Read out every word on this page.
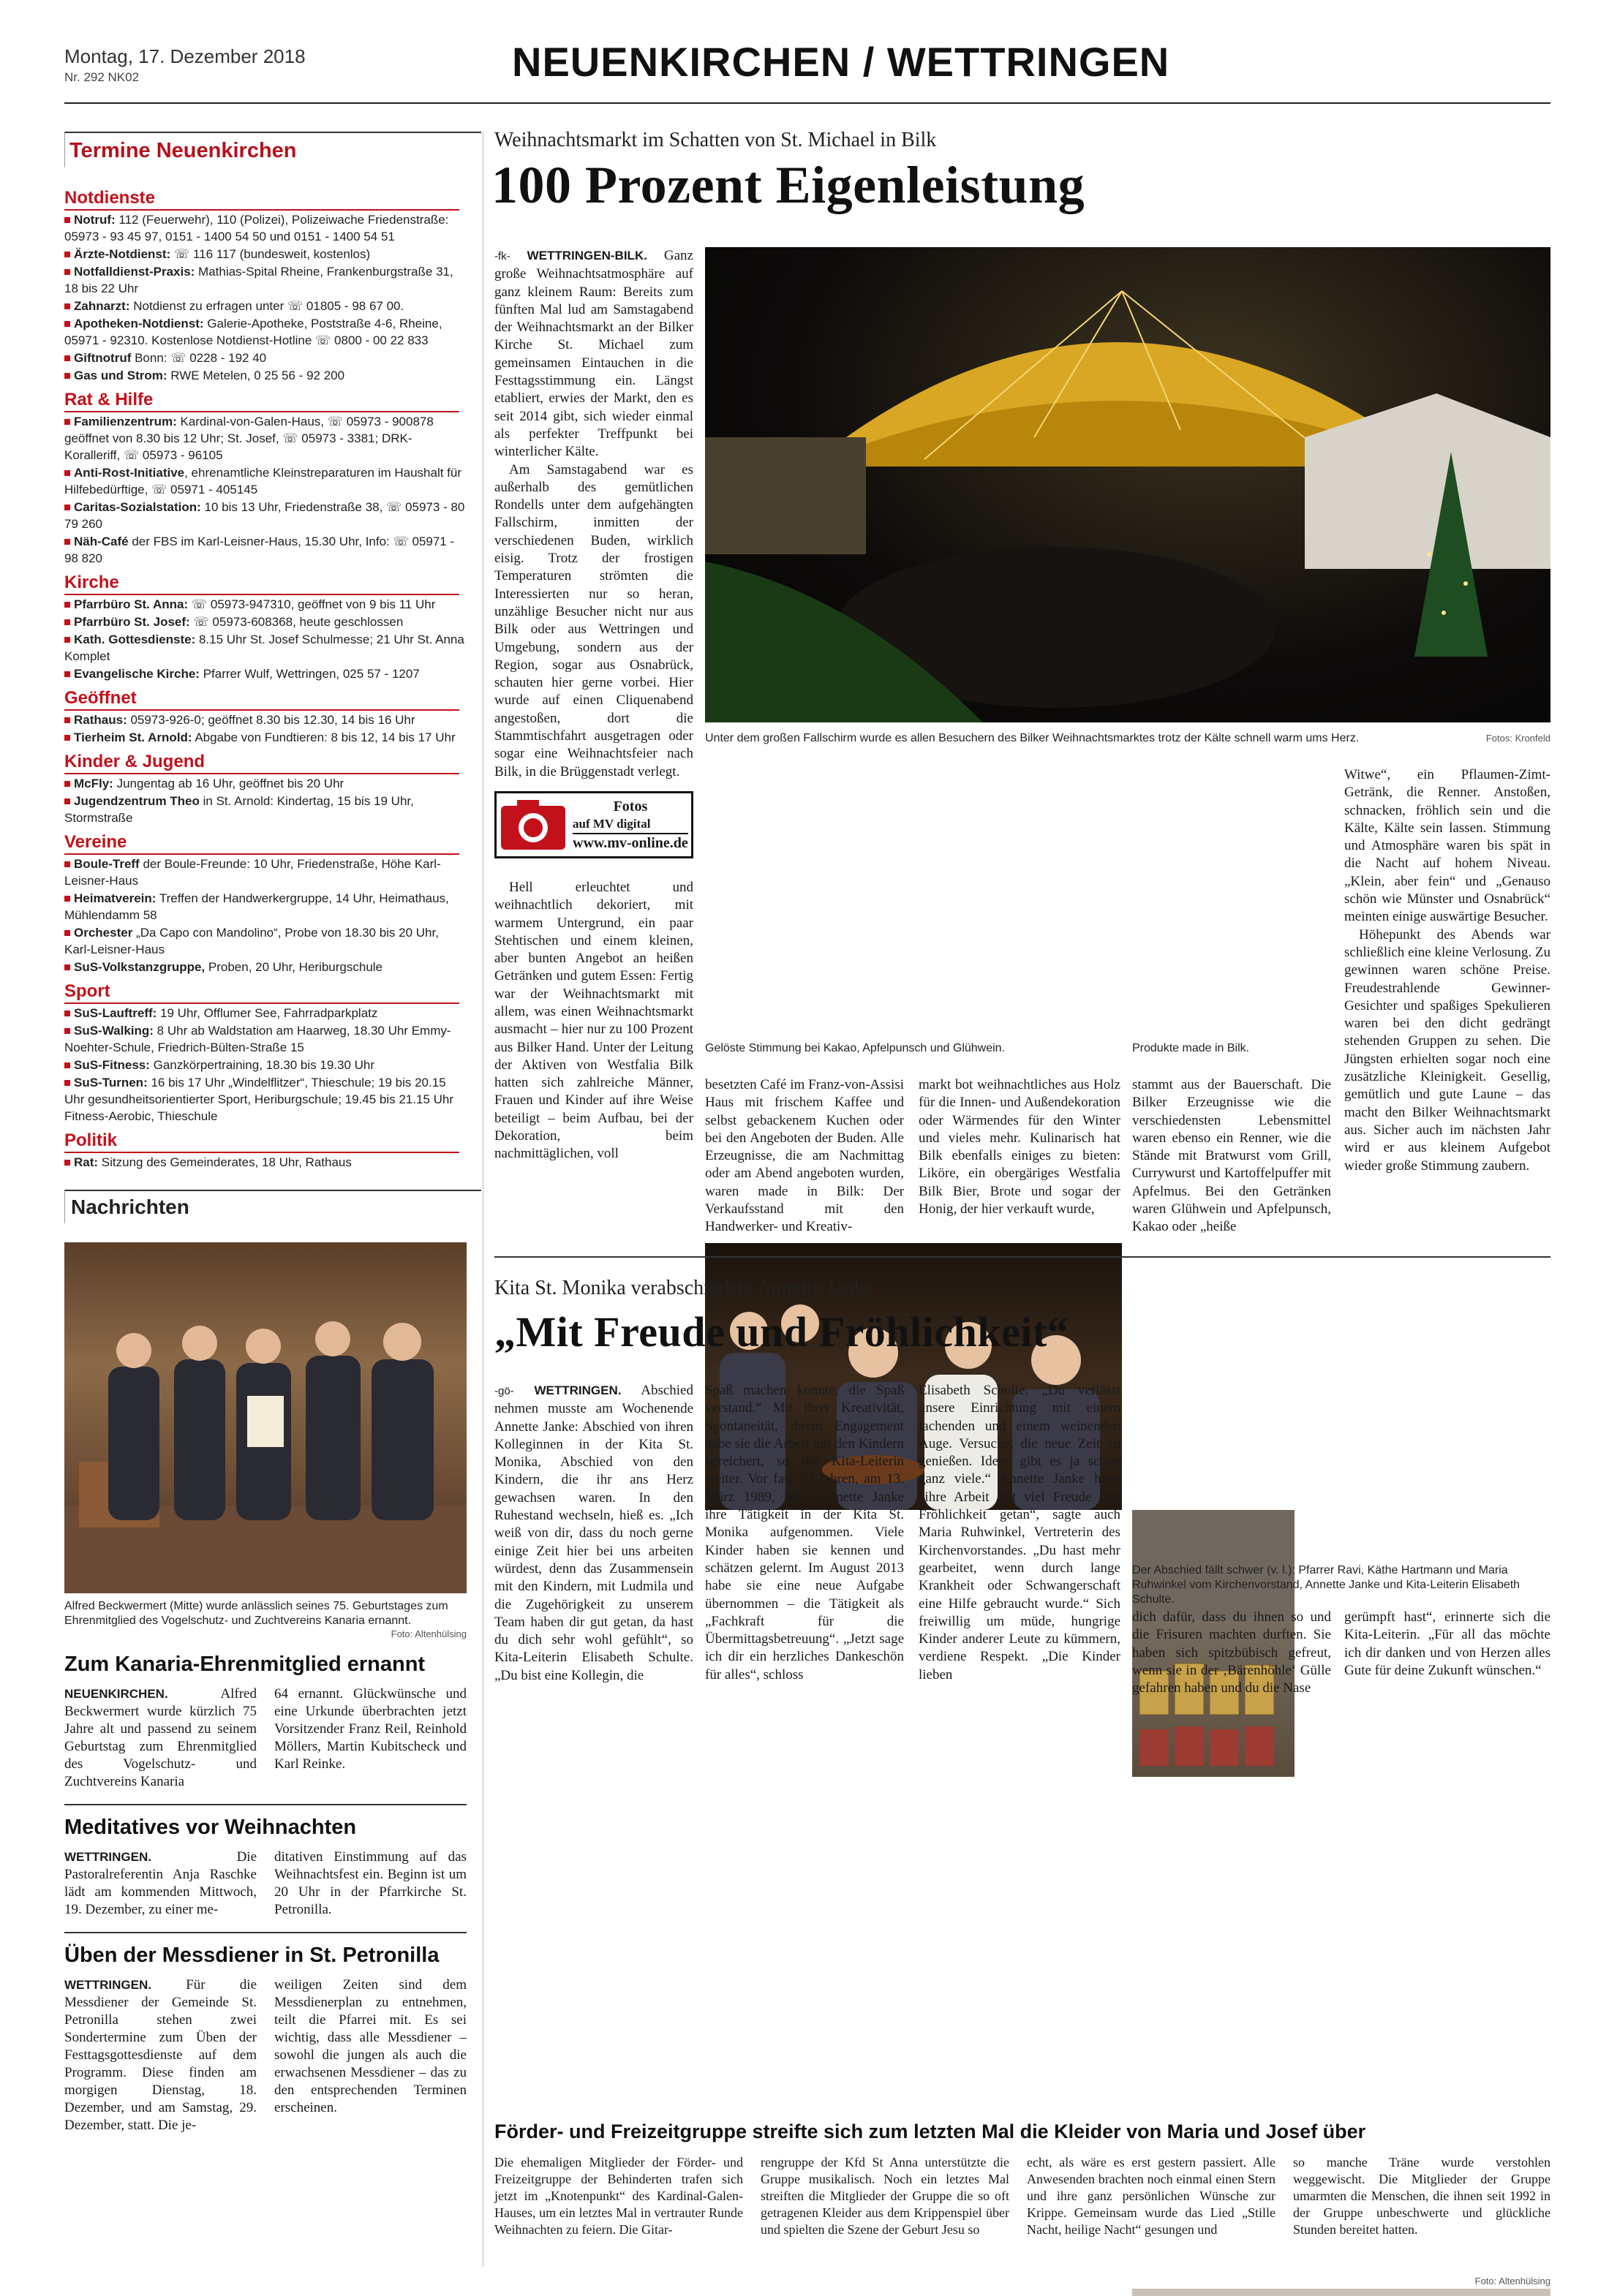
Montag, 17. Dezember 2018
Nr. 292 NK02	NEUENKIRCHEN / WETTRINGEN
Termine Neuenkirchen
Notdienste
Notruf: 112 (Feuerwehr), 110 (Polizei), Polizeiwache Friedenstraße: 05973 - 93 45 97, 0151 - 1400 54 50 und 0151 - 1400 54 51
Ärzte-Notdienst: ☏ 116 117 (bundesweit, kostenlos)
Notfalldienst-Praxis: Mathias-Spital Rheine, Frankenburgstraße 31, 18 bis 22 Uhr
Zahnarzt: Notdienst zu erfragen unter ☏ 01805 - 98 67 00.
Apotheken-Notdienst: Galerie-Apotheke, Poststraße 4-6, Rheine, 05971 - 92310. Kostenlose Notdienst-Hotline ☏ 0800 - 00 22 833
Giftnotruf Bonn: ☏ 0228 - 192 40
Gas und Strom: RWE Metelen, 0 25 56 - 92 200
Rat & Hilfe
Familienzentrum: Kardinal-von-Galen-Haus, ☏ 05973 - 900878 geöffnet von 8.30 bis 12 Uhr; St. Josef, ☏ 05973 - 3381; DRK-Koralleriff, ☏ 05973 - 96105
Anti-Rost-Initiative, ehrenamtliche Kleinstreparaturen im Haushalt für Hilfebedürftige, ☏ 05971 - 405145
Caritas-Sozialstation: 10 bis 13 Uhr, Friedenstraße 38, ☏ 05973 - 80 79 260
Näh-Café der FBS im Karl-Leisner-Haus, 15.30 Uhr, Info: ☏ 05971 - 98 820
Kirche
Pfarrbüro St. Anna: ☏ 05973-947310, geöffnet von 9 bis 11 Uhr
Pfarrbüro St. Josef: ☏ 05973-608368, heute geschlossen
Kath. Gottesdienste: 8.15 Uhr St. Josef Schulmesse; 21 Uhr St. Anna Komplet
Evangelische Kirche: Pfarrer Wulf, Wettringen, 025 57 - 1207
Geöffnet
Rathaus: 05973-926-0; geöffnet 8.30 bis 12.30, 14 bis 16 Uhr
Tierheim St. Arnold: Abgabe von Fundtieren: 8 bis 12, 14 bis 17 Uhr
Kinder & Jugend
McFly: Jungentag ab 16 Uhr, geöffnet bis 20 Uhr
Jugendzentrum Theo in St. Arnold: Kindertag, 15 bis 19 Uhr, Stormstraße
Vereine
Boule-Treff der Boule-Freunde: 10 Uhr, Friedenstraße, Höhe Karl-Leisner-Haus
Heimatverein: Treffen der Handwerkergruppe, 14 Uhr, Heimathaus, Mühlendamm 58
Orchester „Da Capo con Mandolino“, Probe von 18.30 bis 20 Uhr, Karl-Leisner-Haus
SuS-Volkstanzgruppe, Proben, 20 Uhr, Heriburgschule
Sport
SuS-Lauftreff: 19 Uhr, Offlumer See, Fahrradparkplatz
SuS-Walking: 8 Uhr ab Waldstation am Haarweg, 18.30 Uhr Emmy-Noehter-Schule, Friedrich-Bülten-Straße 15
SuS-Fitness: Ganzkörpertraining, 18.30 bis 19.30 Uhr
SuS-Turnen: 16 bis 17 Uhr „Windelflitzer“, Thieschule; 19 bis 20.15 Uhr gesundheitsorientierter Sport, Heriburgschule; 19.45 bis 21.15 Uhr Fitness-Aerobic, Thieschule
Politik
Rat: Sitzung des Gemeinderates, 18 Uhr, Rathaus
Nachrichten
Alfred Beckwermert (Mitte) wurde anlässlich seines 75. Geburtstages zum Ehrenmitglied des Vogelschutz- und Zuchtvereins Kanaria ernannt.
Foto: Altenhülsing
Zum Kanaria-Ehrenmitglied ernannt
NEUENKIRCHEN. Alfred Beckwermert wurde kürzlich 75 Jahre alt und passend zu seinem Geburtstag zum Ehrenmitglied des Vogelschutz- und Zuchtvereins Kanaria
64 ernannt. Glückwünsche und eine Urkunde überbrachten jetzt Vorsitzender Franz Reil, Reinhold Möllers, Martin Kubitscheck und Karl Reinke.
Meditatives vor Weihnachten
WETTRINGEN. Die Pastoralreferentin Anja Raschke lädt am kommenden Mittwoch, 19. Dezember, zu einer me-
ditativen Einstimmung auf das Weihnachtsfest ein. Beginn ist um 20 Uhr in der Pfarrkirche St. Petronilla.
Üben der Messdiener in St. Petronilla
WETTRINGEN. Für die Messdiener der Gemeinde St. Petronilla stehen zwei Sondertermine zum Üben der Festtagsgottesdienste auf dem Programm. Diese finden am morgigen Dienstag, 18. Dezember, und am Samstag, 29. Dezember, statt. Die je-
weiligen Zeiten sind dem Messdienerplan zu entnehmen, teilt die Pfarrei mit. Es sei wichtig, dass alle Messdiener – sowohl die jungen als auch die erwachsenen Messdiener – das zu den entsprechenden Terminen erscheinen.
Weihnachtsmarkt im Schatten von St. Michael in Bilk
100 Prozent Eigenleistung
-fk- WETTRINGEN-BILK. Ganz große Weihnachtsatmosphäre auf ganz kleinem Raum: Bereits zum fünften Mal lud am Samstagabend der Weihnachtsmarkt an der Bilker Kirche St. Michael zum gemeinsamen Eintauchen in die Festtagsstimmung ein. Längst etabliert, erwies der Markt, den es seit 2014 gibt, sich wieder einmal als perfekter Treffpunkt bei winterlicher Kälte.
Am Samstagabend war es außerhalb des gemütlichen Rondells unter dem aufgehängten Fallschirm, inmitten der verschiedenen Buden, wirklich eisig. Trotz der frostigen Temperaturen strömten die Interessierten nur so heran, unzählige Besucher nicht nur aus Bilk oder aus Wettringen und Umgebung, sondern aus der Region, sogar aus Osnabrück, schauten hier gerne vorbei. Hier wurde auf einen Cliquenabend angestoßen, dort die Stammtischfahrt ausgetragen oder sogar eine Weihnachtsfeier nach Bilk, in die Brüggenstadt verlegt.
Fotos
auf MV digital
www.mv-online.de
Hell erleuchtet und weihnachtlich dekoriert, mit warmem Untergrund, ein paar Stehtischen und einem kleinen, aber bunten Angebot an heißen Getränken und gutem Essen: Fertig war der Weihnachtsmarkt mit allem, was einen Weihnachtsmarkt ausmacht – hier nur zu 100 Prozent aus Bilker Hand. Unter der Leitung der Aktiven von Westfalia Bilk hatten sich zahlreiche Männer, Frauen und Kinder auf ihre Weise beteiligt – beim Aufbau, bei der Dekoration, beim nachmittäglichen, voll
Unter dem großen Fallschirm wurde es allen Besuchern des Bilker Weihnachtsmarktes trotz der Kälte schnell warm ums Herz.	Fotos: Kronfeld
Gelöste Stimmung bei Kakao, Apfelpunsch und Glühwein.	Produkte made in Bilk.
besetzten Café im Franz-von-Assisi Haus mit frischem Kaffee und selbst gebackenem Kuchen oder bei den Angeboten der Buden. Alle Erzeugnisse, die am Nachmittag oder am Abend angeboten wurden, waren made in Bilk: Der Verkaufsstand mit den Handwerker- und Kreativ-
markt bot weihnachtliches aus Holz für die Innen- und Außendekoration oder Wärmendes für den Winter und vieles mehr. Kulinarisch hat Bilk ebenfalls einiges zu bieten: Liköre, ein obergäriges Westfalia Bilk Bier, Brote und sogar der Honig, der hier verkauft wurde,
stammt aus der Bauerschaft. Die Bilker Erzeugnisse wie die verschiedensten Lebensmittel waren ebenso ein Renner, wie die Stände mit Bratwurst vom Grill, Currywurst und Kartoffelpuffer mit Apfelmus. Bei den Getränken waren Glühwein und Apfelpunsch, Kakao oder „heiße
Witwe“, ein Pflaumen-Zimt-Getränk, die Renner. Anstoßen, schnacken, fröhlich sein und die Kälte, Kälte sein lassen. Stimmung und Atmosphäre waren bis spät in die Nacht auf hohem Niveau. „Klein, aber fein“ und „Genauso schön wie Münster und Osnabrück“ meinten einige auswärtige Besucher.
Höhepunkt des Abends war schließlich eine kleine Verlosung. Zu gewinnen waren schöne Preise. Freudestrahlende Gewinner-Gesichter und spaßiges Spekulieren waren bei den dicht gedrängt stehenden Gruppen zu sehen. Die Jüngsten erhielten sogar noch eine zusätzliche Kleinigkeit. Gesellig, gemütlich und gute Laune – das macht den Bilker Weihnachtsmarkt aus. Sicher auch im nächsten Jahr wird er aus kleinem Aufgebot wieder große Stimmung zaubern.
Kita St. Monika verabschiedete Annette Janke
„Mit Freude und Fröhlichkeit“
-gö- WETTRINGEN. Abschied nehmen musste am Wochenende Annette Janke: Abschied von ihren Kolleginnen in der Kita St. Monika, Abschied von den Kindern, die ihr ans Herz gewachsen waren. In den Ruhestand wechseln, hieß es. „Ich weiß von dir, dass du noch gerne einige Zeit hier bei uns arbeiten würdest, denn das Zusammensein mit den Kindern, mit Ludmila und die Zugehörigkeit zu unserem Team haben dir gut getan, da hast du dich sehr wohl gefühlt“, so Kita-Leiterin Elisabeth Schulte. „Du bist eine Kollegin, die
Spaß machen konnte, die Spaß verstand.“ Mit ihrer Kreativität, Spontaneität, ihrem Engagement habe sie die Arbeit mit den Kindern bereichert, so die Kita-Leiterin weiter. Vor fast 30 Jahren, am 13. März 1989, habe Annette Janke ihre Tätigkeit in der Kita St. Monika aufgenommen. Viele Kinder haben sie kennen und schätzen gelernt. Im August 2013 habe sie eine neue Aufgabe übernommen – die Tätigkeit als „Fachkraft für die Übermittagsbetreuung“. „Jetzt sage ich dir ein herzliches Dankeschön für alles“, schloss
Elisabeth Schulte. „Du verlässt unsere Einrichtung mit einem lachenden und einem weinenden Auge. Versuche, die neue Zeit zu genießen. Ideen gibt es ja schon ganz viele.“ Annette Janke habe „ihre Arbeit mit viel Freude und Fröhlichkeit getan“, sagte auch Maria Ruhwinkel, Vertreterin des Kirchenvorstandes. „Du hast mehr gearbeitet, wenn durch lange Krankheit oder Schwangerschaft eine Hilfe gebraucht wurde.“ Sich freiwillig um müde, hungrige Kinder anderer Leute zu kümmern, verdiene Respekt. „Die Kinder lieben
Der Abschied fällt schwer (v. l.): Pfarrer Ravi, Käthe Hartmann und Maria Ruhwinkel vom Kirchenvorstand, Annette Janke und Kita-Leiterin Elisabeth Schulte.
dich dafür, dass du ihnen so und die Frisuren machten durften. Sie haben sich spitzbübisch gefreut, wenn sie in der ‚Bärenhöhle‘ Gülle gefahren haben und du die Nase
gerümpft hast“, erinnerte sich die Kita-Leiterin. „Für all das möchte ich dir danken und von Herzen alles Gute für deine Zukunft wünschen.“
Förder- und Freizeitgruppe streifte sich zum letzten Mal die Kleider von Maria und Josef über
Die ehemaligen Mitglieder der Förder- und Freizeitgruppe der Behinderten trafen sich jetzt im „Knotenpunkt“ des Kardinal-Galen-Hauses, um ein letztes Mal in vertrauter Runde Weihnachten zu feiern. Die Gitar-
rengruppe der Kfd St Anna unterstützte die Gruppe musikalisch. Noch ein letztes Mal streiften die Mitglieder der Gruppe die so oft getragenen Kleider aus dem Krippenspiel über und spielten die Szene der Geburt Jesu so
echt, als wäre es erst gestern passiert. Alle Anwesenden brachten noch einmal einen Stern und ihre ganz persönlichen Wünsche zur Krippe. Gemeinsam wurde das Lied „Stille Nacht, heilige Nacht“ gesungen und
so manche Träne wurde verstohlen weggewischt. Die Mitglieder der Gruppe umarmten die Menschen, die ihnen seit 1992 in der Gruppe unbeschwerte und glückliche Stunden bereitet hatten.
Foto: Altenhülsing
